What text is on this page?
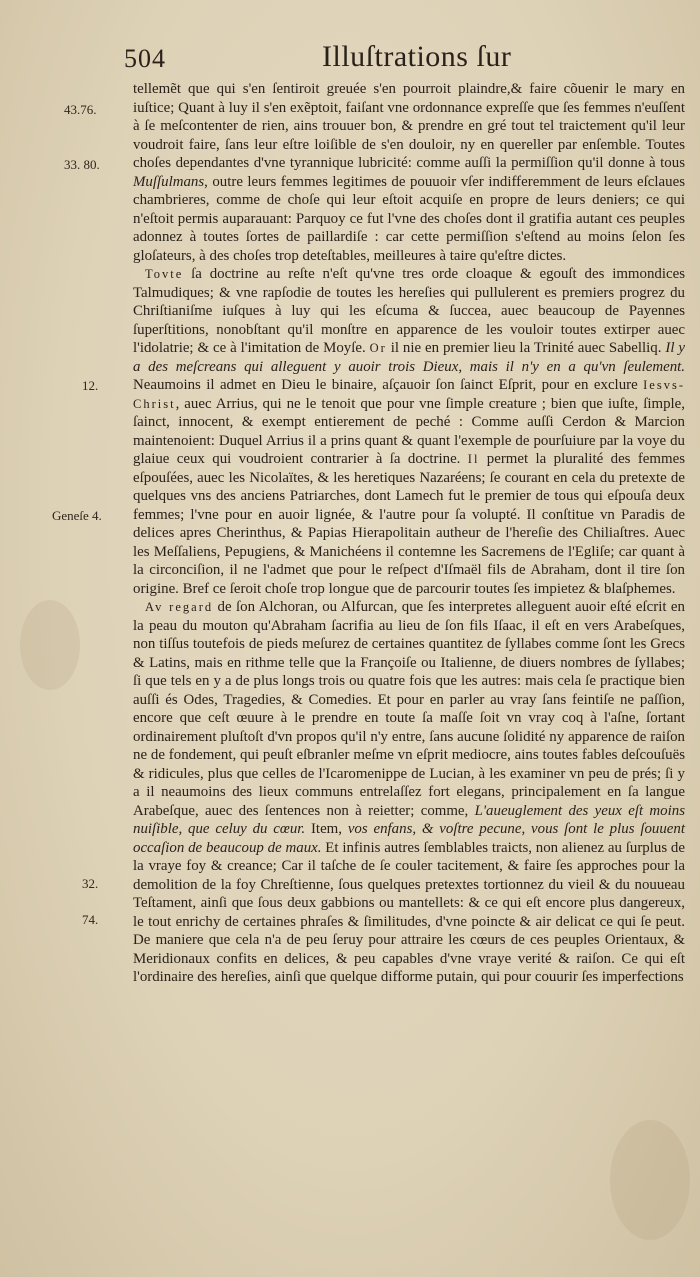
504	Illuſtrations ſur
43.76.
33. 80.
12.
Geneſe 4.
32.
74.

tellemẽt que qui s'en ſentiroit greuée s'en pourroit plaindre,& faire cõuenir le mary en iuſtice; Quant à luy il s'en exẽptoit, faiſant vne ordonnance expreſſe que ſes femmes n'euſſent à ſe meſcontenter de rien, ains trouuer bon, & prendre en gré tout tel traictement qu'il leur voudroit faire, ſans leur eſtre loiſible de s'en douloir, ny en quereller par enſemble. Toutes choſes dependantes d'vne tyrannique lubricité: comme auſſi la permiſſion qu'il donne à tous Muſſulmans, outre leurs femmes legitimes de pouuoir vſer indifferemment de leurs eſclaues chambrieres, comme de choſe qui leur eſtoit acquiſe en propre de leurs deniers; ce qui n'eſtoit permis auparauant: Parquoy ce fut l'vne des choſes dont il gratifia autant ces peuples adonnez à toutes ſortes de paillardiſe : car cette permiſſion s'eſtend au moins ſelon ſes gloſateurs, à des choſes trop deteſtables, meilleures à taire qu'eſtre dictes.

Tovte ſa doctrine au reſte n'eſt qu'vne tres orde cloaque & egouſt des immondices Talmudiques; & vne rapſodie de toutes les hereſies qui pullulerent es premiers progrez du Chriſtianiſme iuſques à luy qui les eſcuma & ſuccea, auec beaucoup de Payennes ſuperſtitions, nonobſtant qu'il monſtre en apparence de les vouloir toutes extirper auec l'idolatrie; & ce à l'imitation de Moyſe. Or il nie en premier lieu la Trinité auec Sabelliq. Il y a des meſcreans qui alleguent y auoir trois Dieux, mais il n'y en a qu'vn ſeulement. Neaumoins il admet en Dieu le binaire, aſçauoir ſon ſainct Eſprit, pour en exclure Iesvs-Christ, auec Arrius, qui ne le tenoit que pour vne ſimple creature ; bien que iuſte, ſimple, ſainct, innocent, & exempt entierement de peché : Comme auſſi Cerdon & Marcion maintenoient: Duquel Arrius il a prins quant & quant l'exemple de pourſuiure par la voye du glaiue ceux qui voudroient contrarier à ſa doctrine. Il permet la pluralité des femmes eſpouſées, auec les Nicolaïtes, & les heretiques Nazaréens; ſe courant en cela du pretexte de quelques vns des anciens Patriarches, dont Lamech fut le premier de tous qui eſpouſa deux femmes; l'vne pour en auoir lignée, & l'autre pour ſa volupté. Il conſtitue vn Paradis de delices apres Cherinthus, & Papias Hierapolitain autheur de l'hereſie des Chiliaſtres. Auec les Meſſaliens, Pepugiens, & Manichéens il contemne les Sacremens de l'Egliſe; car quant à la circonciſion, il ne l'admet que pour le reſpect d'Iſmaël fils de Abraham, dont il tire ſon origine. Bref ce ſeroit choſe trop longue que de parcourir toutes ſes impietez & blaſphemes.

Av regard de ſon Alchoran, ou Alfurcan, que ſes interpretes alleguent auoir eſté eſcrit en la peau du mouton qu'Abraham ſacrifia au lieu de ſon fils Iſaac, il eſt en vers Arabeſques, non tiſſus toutefois de pieds meſurez de certaines quantitez de ſyllabes comme ſont les Grecs & Latins, mais en rithme telle que la Françoiſe ou Italienne, de diuers nombres de ſyllabes; ſi que tels en y a de plus longs trois ou quatre fois que les autres: mais cela ſe practique bien auſſi és Odes, Tragedies, & Comedies. Et pour en parler au vray ſans feintiſe ne paſſion, encore que ceſt œuure à le prendre en toute ſa maſſe ſoit vn vray coq à l'aſne, ſortant ordinairement pluſtoſt d'vn propos qu'il n'y entre, ſans aucune ſolidité ny apparence de raiſon ne de fondement, qui peuſt eſbranler meſme vn eſprit mediocre, ains toutes fables deſcouſuës & ridicules, plus que celles de l'Icaromenippe de Lucian, à les examiner vn peu de prés; ſi y a il neaumoins des lieux communs entrelaſſez fort elegans, principalement en ſa langue Arabeſque, auec des ſentences non à reietter; comme, L'aueuglement des yeux eſt moins nuiſible, que celuy du cœur. Item, vos enfans, & voſtre pecune, vous ſont le plus ſouuent occaſion de beaucoup de maux. Et infinis autres ſemblables traicts, non alienez au ſurplus de la vraye foy & creance; Car il taſche de ſe couler tacitement, & faire ſes approches pour la demolition de la foy Chreſtienne, ſous quelques pretextes tortionnez du vieil & du nouueau Teſtament, ainſi que ſous deux gabbions ou mantellets: & ce qui eſt encore plus dangereux, le tout enrichy de certaines phraſes & ſimilitudes, d'vne poincte & air delicat ce qui ſe peut. De maniere que cela n'a de peu ſeruy pour attraire les cœurs de ces peuples Orientaux, & Meridionaux confits en delices, & peu capables d'vne vraye verité & raiſon. Ce qui eſt l'ordinaire des hereſies, ainſi que quelque difforme putain, qui pour couurir ſes imperfections
